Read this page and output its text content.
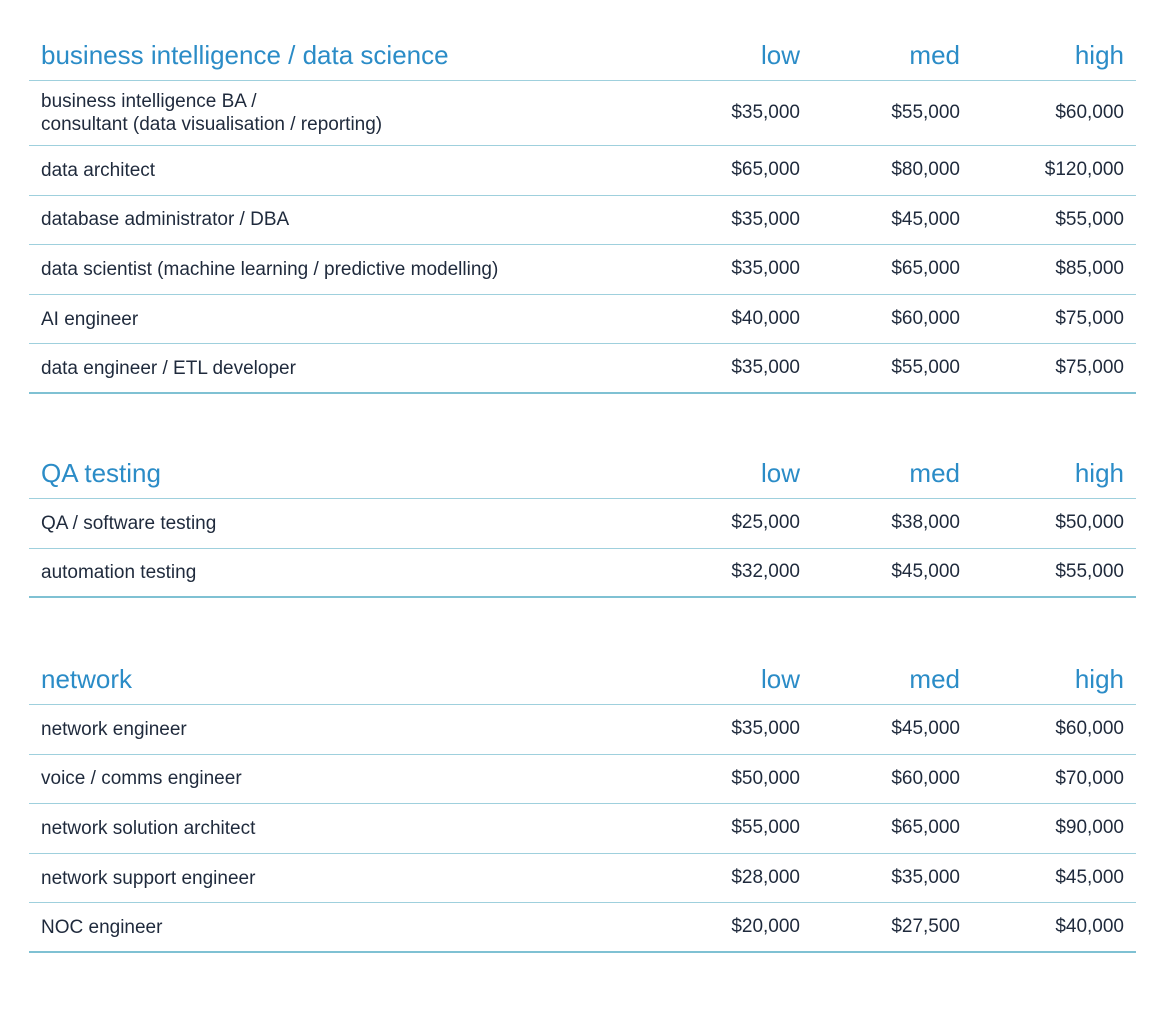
business intelligence / data science	low	med	high
business intelligence BA /
consultant (data visualisation / reporting)
$35,000	$55,000	$60,000
data architect	$65,000	$80,000	$120,000
database administrator / DBA	$35,000	$45,000	$55,000
data scientist (machine learning / predictive modelling)	$35,000	$65,000	$85,000
AI engineer	$40,000	$60,000	$75,000
data engineer / ETL developer	$35,000	$55,000	$75,000
QA testing	low	med	high
QA / software testing	$25,000	$38,000	$50,000
automation testing	$32,000	$45,000	$55,000
network	low	med	high
network engineer	$35,000	$45,000	$60,000
voice / comms engineer	$50,000	$60,000	$70,000
network solution architect	$55,000	$65,000	$90,000
network support engineer	$28,000	$35,000	$45,000
NOC engineer	$20,000	$27,500	$40,000
